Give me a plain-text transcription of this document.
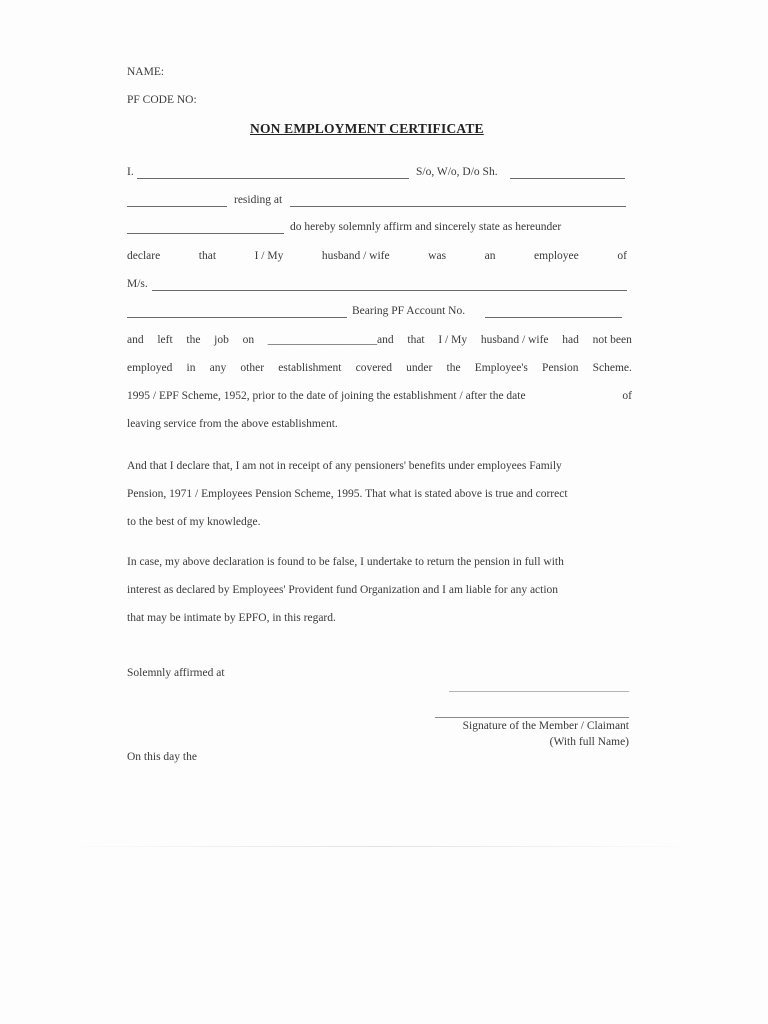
NAME:
PF CODE NO:
NON EMPLOYMENT CERTIFICATE
I.	S/o, W/o, D/o Sh.
residing at
do hereby solemnly affirm and sincerely state as hereunder
declare	that	I / My	husband / wife	was	an	employee	of
M/s.
Bearing PF Account No.
and left the job on ___________________and that I / My husband / wife had not been
employed in any other establishment covered under the Employee's Pension Scheme.
1995 / EPF Scheme, 1952, prior to the date of joining the establishment / after the date	of
leaving service from the above establishment.
And that I declare that, I am not in receipt of any pensioners' benefits under employees Family
Pension, 1971 / Employees Pension Scheme, 1995. That what is stated above is true and correct
to the best of my knowledge.
In case, my above declaration is found to be false, I undertake to return the pension in full with
interest as declared by Employees' Provident fund Organization and I am liable for any action
that may be intimate by EPFO, in this regard.
Solemnly affirmed at
Signature of the Member / Claimant
(With full Name)
On this day the
